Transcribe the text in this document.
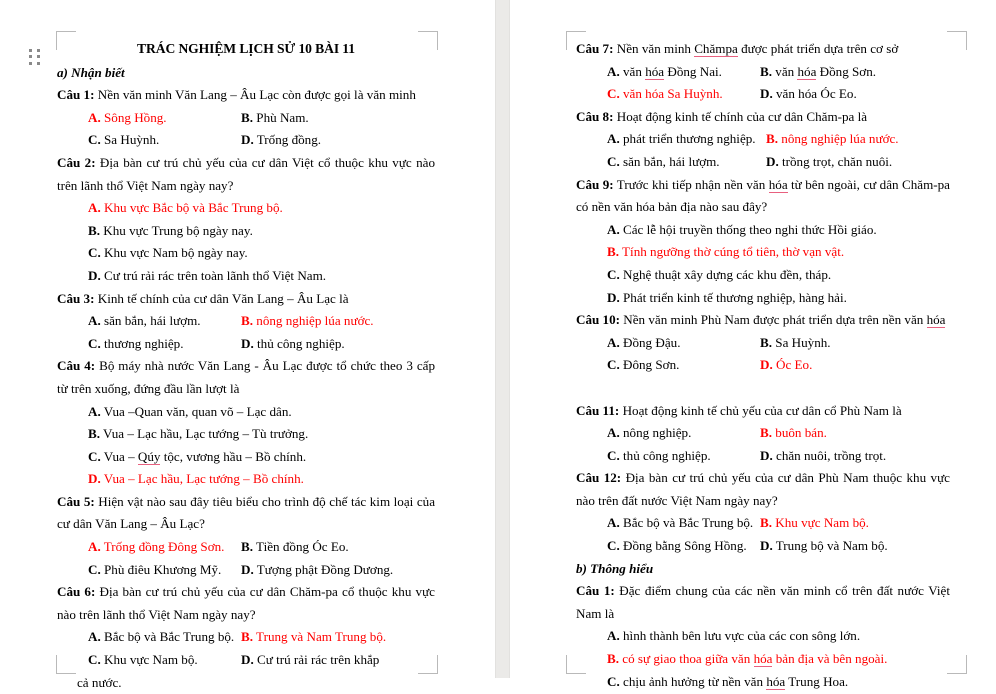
TRÁC NGHIỆM LỊCH SỬ 10 BÀI 11
a) Nhận biết

Câu 1: Nền văn minh Văn Lang – Âu Lạc còn được gọi là văn minh

A. Sông Hồng.	B. Phù Nam.
C. Sa Huỳnh.	D. Trống đồng.

Câu 2: Địa bàn cư trú chủ yếu của cư dân Việt cổ thuộc khu vực nào trên lãnh thổ Việt Nam ngày nay?

A. Khu vực Bắc bộ và Bắc Trung bộ.
B. Khu vực Trung bộ ngày nay.
C. Khu vực Nam bộ ngày nay.
D. Cư trú rải rác trên toàn lãnh thổ Việt Nam.

Câu 3: Kinh tế chính của cư dân Văn Lang – Âu Lạc là

A. săn bắn, hái lượm.	B. nông nghiệp lúa nước.
C. thương nghiệp.	D. thủ công nghiệp.

Câu 4: Bộ máy nhà nước Văn Lang - Âu Lạc được tổ chức theo 3 cấp từ trên xuống, đứng đầu lần lượt là

A. Vua –Quan văn, quan võ – Lạc dân.
B. Vua – Lạc hầu, Lạc tướng – Tù trưởng.
C. Vua – Qúy tộc, vương hầu – Bồ chính.
D. Vua – Lạc hầu, Lạc tướng – Bồ chính.

Câu 5: Hiện vật nào sau đây tiêu biểu cho trình độ chế tác kim loại của cư dân Văn Lang – Âu Lạc?

A. Trống đồng Đông Sơn.	B. Tiền đồng Óc Eo.
C. Phù điêu Khương Mỹ.	D. Tượng phật Đồng Dương.

Câu 6: Địa bàn cư trú chủ yếu của cư dân Chăm-pa cổ thuộc khu vực nào trên lãnh thổ Việt Nam ngày nay?

A. Bắc bộ và Bắc Trung bộ. B. Trung và Nam Trung bộ.
C. Khu vực Nam bộ.	D. Cư trú rải rác trên khắp
cả nước.

Câu 7: Nền văn minh Chămpa được phát triển dựa trên cơ sở

A. văn hóa Đồng Nai.	B. văn hóa Đồng Sơn.
C. văn hóa Sa Huỳnh.	D. văn hóa Óc Eo.

Câu 8: Hoạt động kinh tế chính của cư dân Chăm-pa là

A. phát triển thương nghiệp. B. nông nghiệp lúa nước.
C. săn bắn, hái lượm.	D. trồng trọt, chăn nuôi.

Câu 9: Trước khi tiếp nhận nền văn hóa từ bên ngoài, cư dân Chăm-pa có nền văn hóa bản địa nào sau đây?

A. Các lễ hội truyền thống theo nghi thức Hồi giáo.
B. Tính ngưỡng thờ cúng tổ tiên, thờ vạn vật.
C. Nghệ thuật xây dựng các khu đền, tháp.
D. Phát triển kinh tế thương nghiệp, hàng hải.

Câu 10: Nền văn minh Phù Nam được phát triển dựa trên nền văn hóa

A. Đồng Đậu.	B. Sa Huỳnh.
C. Đông Sơn.	D. Óc Eo.

Câu 11: Hoạt động kinh tế chủ yếu của cư dân cổ Phù Nam là

A. nông nghiệp.	B. buôn bán.
C. thủ công nghiệp.	D. chăn nuôi, trồng trọt.

Câu 12: Địa bàn cư trú chủ yếu của cư dân Phù Nam thuộc khu vực nào trên đất nước Việt Nam ngày nay?

A. Bắc bộ và Bắc Trung bộ. B. Khu vực Nam bộ.
C. Đồng bằng Sông Hồng.	D. Trung bộ và Nam bộ.
b) Thông hiểu

Câu 1: Đặc điểm chung của các nền văn minh cổ trên đất nước Việt Nam là

A. hình thành bên lưu vực của các con sông lớn.
B. có sự giao thoa giữa văn hóa bản địa và bên ngoài.
C. chịu ảnh hưởng từ nền văn hóa Trung Hoa.
